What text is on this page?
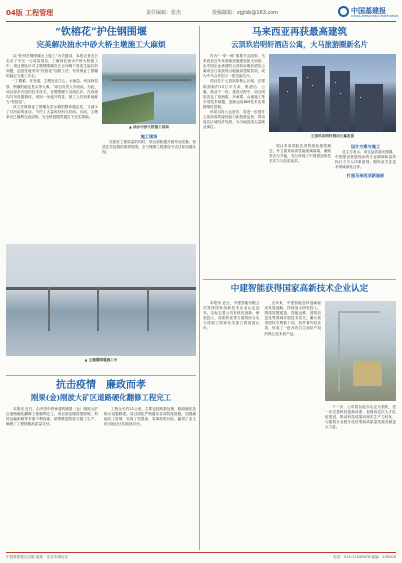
04版 工程管理	责任编辑：张杰	投稿邮箱：zgjlsb@163.com	中国基建报
CHINA INFRASTRUCTURE NEWS
“钦榕花”护住钢围堰
完美解决油水中砂大桥主墩施工大麻烦

以“钦州市钢围堰水上施工”为关键词，本报记者近日走访了中交一公局某项目，了解到在油水中砂大桥施工中，项目团队针对主墩钢围堰在江水冲刷下易发生偏位的问题，创造性地采用“钦榕花”加固工法，有效保证了围堰的稳定与施工安全。

“工期紧，任务重，主墩处在江心，水流急、河床砂层厚，围堰的稳定是头等大事。”项目负责人介绍说。为此，项目部多次组织技术攻关，在钢围堰下沉到位后，在四周均匀布设抛填体，形如一朵盛开的花，被工人们形象地称为“钦榕花”。

该工法既保证了围堰在洪水期的整体稳定性，又减少了对河床的扰动，节约了大量的材料与时间。目前，主墩承台已顺利完成浇筑，为全桥按期贯通打下坚实基础。

▲ 油水中砂大桥施工现场
施工现场

在抓好工程质量的同时，项目部积极开展劳动竞赛，营造比学赶超的浓厚氛围，全力保障工程建设节点目标如期实现。

▲ 主墩钢围堰施工中
抗击疫情　廉政而孝
刚果(金)刚波大矿区道路硬化翻修工程完工

本报讯 近日，由中国中铁承建的刚果（金）刚波大矿区道路硬化翻修工程顺利完工。项目部克服疫情影响、材料运输困难等多重不利因素，统筹推进防疫与施工生产，确保了工程按期高质量交付。

工程全长约12公里，主要包括路基处理、路面硬化及排水设施修建。项目团队严格落实各项防疫措施，加强属地员工管理，实现了零感染、零事故的目标，赢得了业主和当地社区的高度评价。

马来西亚再获最高建筑
云顶玖岩明轩酒店公寓，大马旅游圈新名片

作为“一带一路”重要节点国家，马来西亚近年来基础设施建设如火如荼。由中国企业承建的云顶玖岩明轩酒店公寓项目日前获得当地最高建筑奖项，成为中马合作的又一张亮丽名片。

项目位于云顶高原核心区域，总建筑面积约15万平方米，集酒店、公寓、商业于一体。建设过程中，项目团队攻克了高海拔、多雨雾、山地施工等多项技术难题，创新运用BIM技术实现精细化管理。

该项目投入运营后，将进一步提升云顶高原的接待能力和旅游品质，带动周边区域经济发展，为当地创造大量就业岗位。

云顶玖岩明轩酒店公寓夜景

项目采用国际先进的绿色建筑理念，外立面采用高性能玻璃幕墙，兼顾采光与节能，充分体现了中国建造的技术实力与品质追求。

设计方案与施工

业主方表示，项目品质超出预期，中国建设者展现出的专业精神和高效执行力令人印象深刻，期待双方在更多领域深化合作。

打造马来西亚新地标
中建智能获得国家高新技术企业认定

本报讯 近日，中建智能有限公司获得国家高新技术企业认定证书。这标志着公司在科技创新、研发投入、成果转化等方面的综合实力得到了国家有关部门的高度认可。

近年来，中建智能坚持创新驱动发展战略，持续加大研发投入，围绕智慧建造、智能运维、建筑信息化等领域开展技术攻关，累计获得授权专利数十项、软件著作权多项，形成了一批具有自主知识产权的核心技术和产品。

下一步，公司将以此次认定为契机，进一步完善科技创新体系，加强高层次人才队伍建设，推动科技成果向现实生产力转化，为建筑行业数字化转型和高质量发展贡献更大力量。

中国基建报社出版 地址：北京市海淀区	电话：010-12345678 邮编：100000
